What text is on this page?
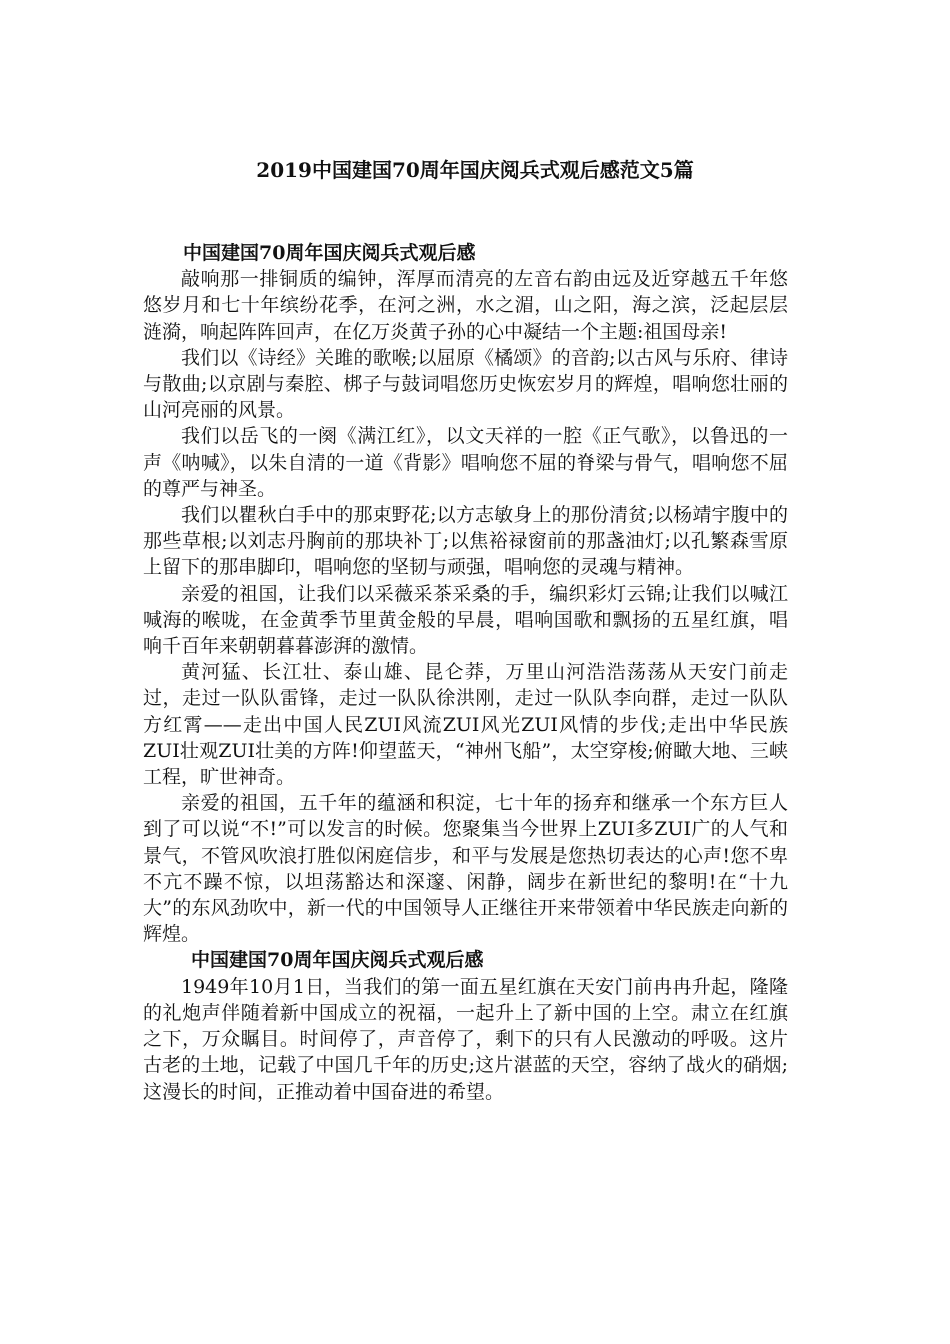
2019中国建国70周年国庆阅兵式观后感范文5篇
中国建国70周年国庆阅兵式观后感

敲响那一排铜质的编钟，浑厚而清亮的左音右韵由远及近穿越五千年悠悠岁月和七十年缤纷花季，在河之洲，水之湄，山之阳，海之滨，泛起层层涟漪，响起阵阵回声，在亿万炎黄子孙的心中凝结一个主题:祖国母亲!

我们以《诗经》关雎的歌喉;以屈原《橘颂》的音韵;以古风与乐府、律诗与散曲;以京剧与秦腔、梆子与鼓词唱您历史恢宏岁月的辉煌，唱响您壮丽的山河亮丽的风景。

我们以岳飞的一阕《满江红》，以文天祥的一腔《正气歌》，以鲁迅的一声《呐喊》，以朱自清的一道《背影》唱响您不屈的脊梁与骨气，唱响您不屈的尊严与神圣。

我们以瞿秋白手中的那束野花;以方志敏身上的那份清贫;以杨靖宇腹中的那些草根;以刘志丹胸前的那块补丁;以焦裕禄窗前的那盏油灯;以孔繁森雪原上留下的那串脚印，唱响您的坚韧与顽强，唱响您的灵魂与精神。

亲爱的祖国，让我们以采薇采茶采桑的手，编织彩灯云锦;让我们以喊江喊海的喉咙，在金黄季节里黄金般的早晨，唱响国歌和飘扬的五星红旗，唱响千百年来朝朝暮暮澎湃的激情。

黄河猛、长江壮、泰山雄、昆仑莽，万里山河浩浩荡荡从天安门前走过，走过一队队雷锋，走过一队队徐洪刚，走过一队队李向群，走过一队队方红霄——走出中国人民ZUI风流ZUI风光ZUI风情的步伐;走出中华民族ZUI壮观ZUI壮美的方阵!仰望蓝天，“神州飞船”，太空穿梭;俯瞰大地、三峡工程，旷世神奇。

亲爱的祖国，五千年的蕴涵和积淀，七十年的扬弃和继承一个东方巨人到了可以说“不!”可以发言的时候。您聚集当今世界上ZUI多ZUI广的人气和景气，不管风吹浪打胜似闲庭信步，和平与发展是您热切表达的心声!您不卑不亢不躁不惊，以坦荡豁达和深邃、闲静，阔步在新世纪的黎明!在“十九大”的东风劲吹中，新一代的中国领导人正继往开来带领着中华民族走向新的辉煌。

中国建国70周年国庆阅兵式观后感

1949年10月1日，当我们的第一面五星红旗在天安门前冉冉升起，隆隆的礼炮声伴随着新中国成立的祝福，一起升上了新中国的上空。肃立在红旗之下，万众瞩目。时间停了，声音停了，剩下的只有人民激动的呼吸。这片古老的土地，记载了中国几千年的历史;这片湛蓝的天空，容纳了战火的硝烟;这漫长的时间，正推动着中国奋进的希望。
